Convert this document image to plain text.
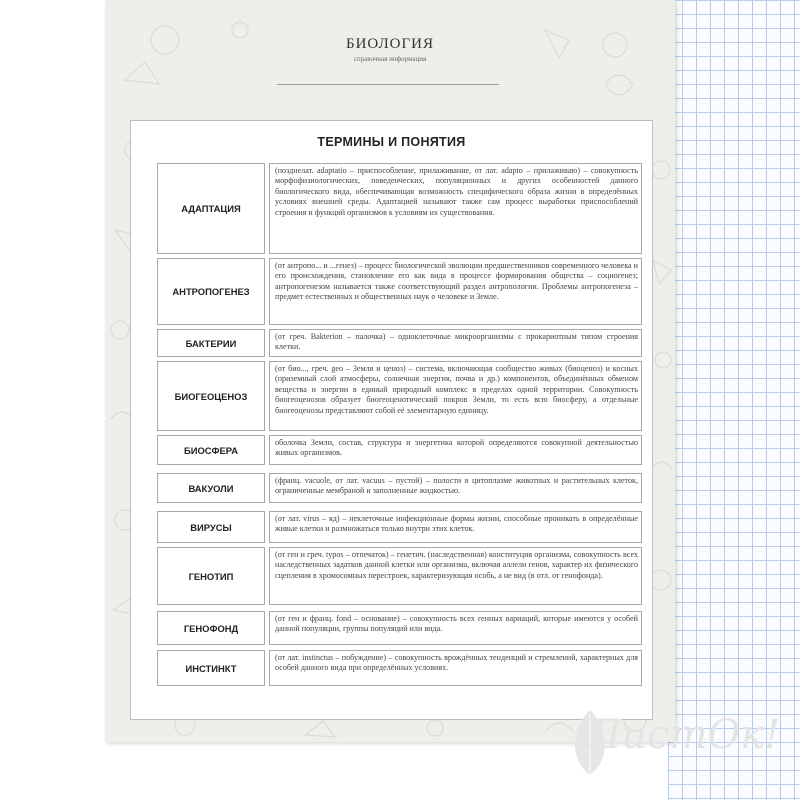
БИОЛОГИЯ
справочная информация
ТЕРМИНЫ И ПОНЯТИЯ
АДАПТАЦИЯ
(позднелат. adaptatio – приспособление, прилаживание, от лат. adapto – прилаживаю) – совокупность морфофизиологических, поведенческих, популяционных и других особенностей данного биологического вида, обеспечивающая возможность специфического образа жизни в определённых условиях внешней среды. Адаптацией называют также сам процесс выработки приспособлений строения и функций организмов к условиям их существования.
АНТРОПОГЕНЕЗ
(от антропо... и ...генез) – процесс биологической эволюции предшественников современного человека и его происхождения, становление его как вида в процессе формирования общества – социогенез; антропогенезом называется также соответствующий раздел антропологии. Проблемы антропогенеза – предмет естественных и общественных наук о человеке и Земле.
БАКТЕРИИ
(от греч. Bakterion – палочка) – одноклеточные микроорганизмы с прокариотным типом строения клетки.
БИОГЕОЦЕНОЗ
(от био..., греч. geo – Земля и ценоз) – система, включающая сообщество живых (биоценоз) и косных (приземный слой атмосферы, солнечная энергия, почва и др.) компонентов, объединённых обменом вещества и энергии в единый природный комплекс в пределах одной территории. Совокупность биогеоценозов образует биогеоценотический покров Земли, то есть всю биосферу, а отдельные биогеоценозы представляют собой её элементарную единицу.
БИОСФЕРА
оболочка Земли, состав, структура и энергетика которой определяются совокупной деятельностью живых организмов.
ВАКУОЛИ
(франц. vacuole, от лат. vacuus – пустой) – полости в цитоплазме животных и растительных клеток, ограниченные мембраной и заполненные жидкостью.
ВИРУСЫ
(от лат. virus – яд) – неклеточные инфекционные формы жизни, способные проникать в определённые живые клетки и размножаться только внутри этих клеток.
ГЕНОТИП
(от ген и греч. typos – отпечаток) – генетич. (наследственная) конституция организма, совокупность всех наследственных задатков данной клетки или организма, включая аллели генов, характер их физического сцепления в хромосомных перестроек, характеризующая особь, а не вид (в отл. от генофонда).
ГЕНОФОНД
(от ген и франц. fond – основание) – совокупность всех генных вариаций, которые имеются у особей данной популяции, группы популяций или вида.
ИНСТИНКТ
(от лат. instinctus – побуждение) – совокупность врождённых тенденций и стремлений, характерных для особей данного вида при определённых условиях.
ЛистОк!
